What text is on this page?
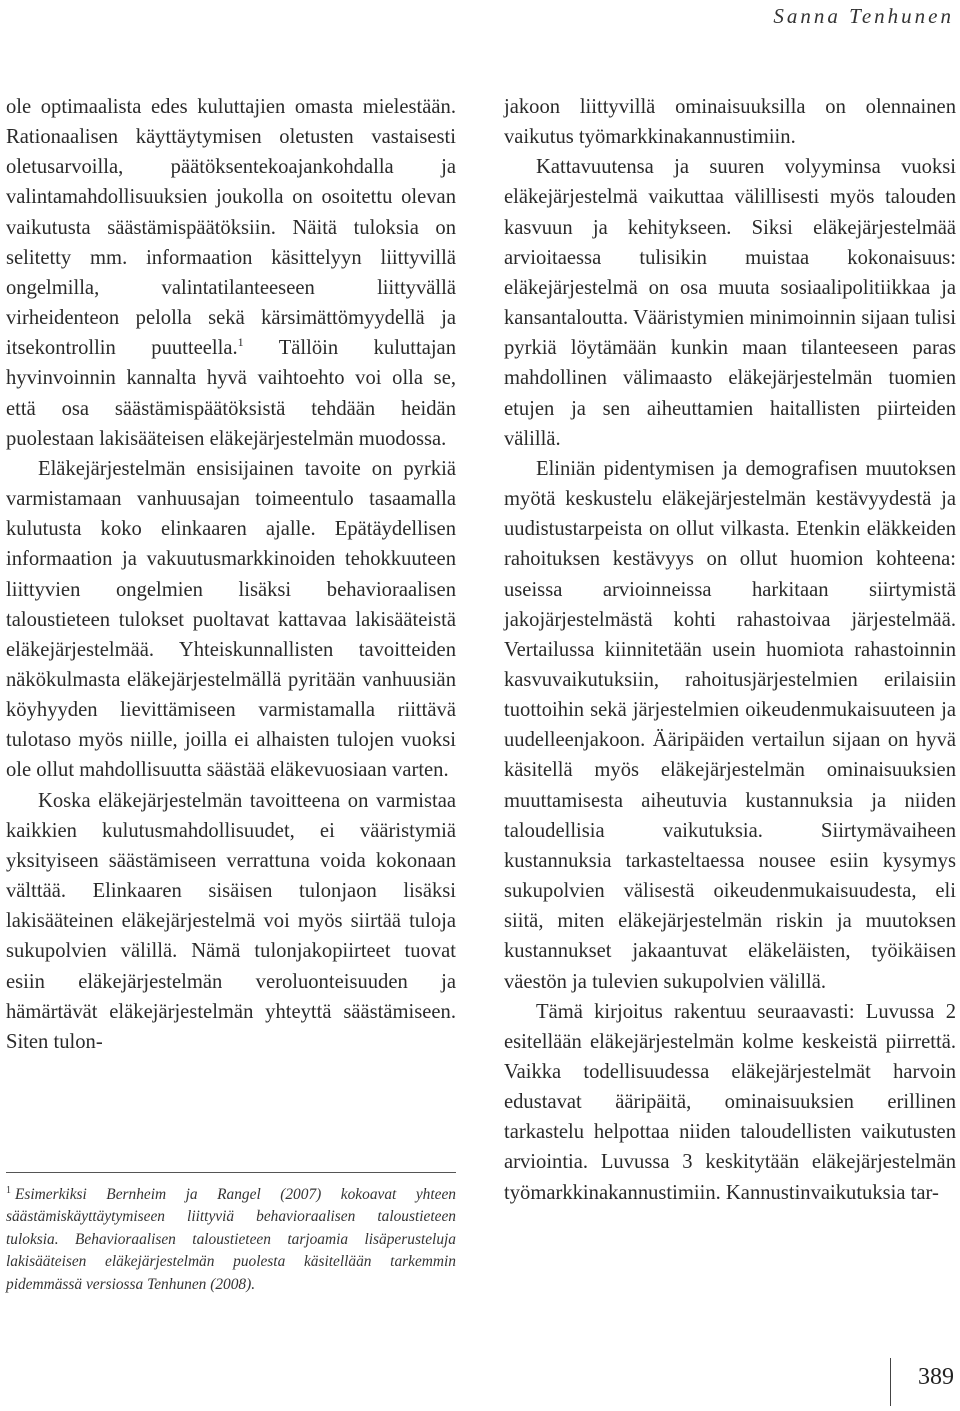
Sanna Tenhunen

ole optimaalista edes kuluttajien omasta mielestään. Rationaalisen käyttäytymisen oletusten vastaisesti oletusarvoilla, päätöksentekoajankohdalla ja valintamahdollisuuksien joukolla on osoitettu olevan vaikutusta säästämispäätöksiin. Näitä tuloksia on selitetty mm. informaation käsittelyyn liittyvillä ongelmilla, valintatilanteeseen liittyvällä virheidenteon pelolla sekä kärsimättömyydellä ja itsekontrollin puutteella.$^1$ Tällöin kuluttajan hyvinvoinnin kannalta hyvä vaihtoehto voi olla se, että osa säästämispäätöksistä tehdään heidän puolestaan lakisääteisen eläkejärjestelmän muodossa.

Eläkejärjestelmän ensisijainen tavoite on pyrkiä varmistamaan vanhuusajan toimeentulo tasaamalla kulutusta koko elinkaaren ajalle. Epätäydellisen informaation ja vakuutusmarkkinoiden tehokkuuteen liittyvien ongelmien lisäksi behavioraalisen taloustieteen tulokset puoltavat kattavaa lakisääteistä eläkejärjestelmää. Yhteiskunnallisten tavoitteiden näkökulmasta eläkejärjestelmällä pyritään vanhuusiän köyhyyden lievittämiseen varmistamalla riittävä tulotaso myös niille, joilla ei alhaisten tulojen vuoksi ole ollut mahdollisuutta säästää eläkevuosiaan varten.

Koska eläkejärjestelmän tavoitteena on varmistaa kaikkien kulutusmahdollisuudet, ei vääristymiä yksityiseen säästämiseen verrattuna voida kokonaan välttää. Elinkaaren sisäisen tulonjaon lisäksi lakisääteinen eläkejärjestelmä voi myös siirtää tuloja sukupolvien välillä. Nämä tulonjakopiirteet tuovat esiin eläkejärjestelmän veroluonteisuuden ja hämärtävät eläkejärjestelmän yhteyttä säästämiseen. Siten tulon-

$^1$ Esimerkiksi Bernheim ja Rangel (2007) kokoavat yhteen säästämiskäyttäytymiseen liittyviä behavioraalisen taloustieteen tuloksia. Behavioraalisen taloustieteen tarjoamia lisäperusteluja lakisääteisen eläkejärjestelmän puolesta käsitellään tarkemmin pidemmässä versiossa Tenhunen (2008).

jakoon liittyvillä ominaisuuksilla on olennainen vaikutus työmarkkinakannustimiin.

Kattavuutensa ja suuren volyyminsa vuoksi eläkejärjestelmä vaikuttaa välillisesti myös talouden kasvuun ja kehitykseen. Siksi eläkejärjestelmää arvioitaessa tulisikin muistaa kokonaisuus: eläkejärjestelmä on osa muuta sosiaalipolitiikkaa ja kansantaloutta. Vääristymien minimoinnin sijaan tulisi pyrkiä löytämään kunkin maan tilanteeseen paras mahdollinen välimaasto eläkejärjestelmän tuomien etujen ja sen aiheuttamien haitallisten piirteiden välillä.

Eliniän pidentymisen ja demografisen muutoksen myötä keskustelu eläkejärjestelmän kestävyydestä ja uudistustarpeista on ollut vilkasta. Etenkin eläkkeiden rahoituksen kestävyys on ollut huomion kohteena: useissa arvioinneissa harkitaan siirtymistä jakojärjestelmästä kohti rahastoivaa järjestelmää. Vertailussa kiinnitetään usein huomiota rahastoinnin kasvuvaikutuksiin, rahoitusjärjestelmien erilaisiin tuottoihin sekä järjestelmien oikeudenmukaisuuteen ja uudelleenjakoon. Ääripäiden vertailun sijaan on hyvä käsitellä myös eläkejärjestelmän ominaisuuksien muuttamisesta aiheutuvia kustannuksia ja niiden taloudellisia vaikutuksia. Siirtymävaiheen kustannuksia tarkasteltaessa nousee esiin kysymys sukupolvien välisestä oikeudenmukaisuudesta, eli siitä, miten eläkejärjestelmän riskin ja muutoksen kustannukset jakaantuvat eläkeläisten, työikäisen väestön ja tulevien sukupolvien välillä.

Tämä kirjoitus rakentuu seuraavasti: Luvussa 2 esitellään eläkejärjestelmän kolme keskeistä piirrettä. Vaikka todellisuudessa eläkejärjestelmät harvoin edustavat ääripäitä, ominaisuuksien erillinen tarkastelu helpottaa niiden taloudellisten vaikutusten arviointia. Luvussa 3 keskitytään eläkejärjestelmän työmarkkinakannustimiin. Kannustinvaikutuksia tar-

389
